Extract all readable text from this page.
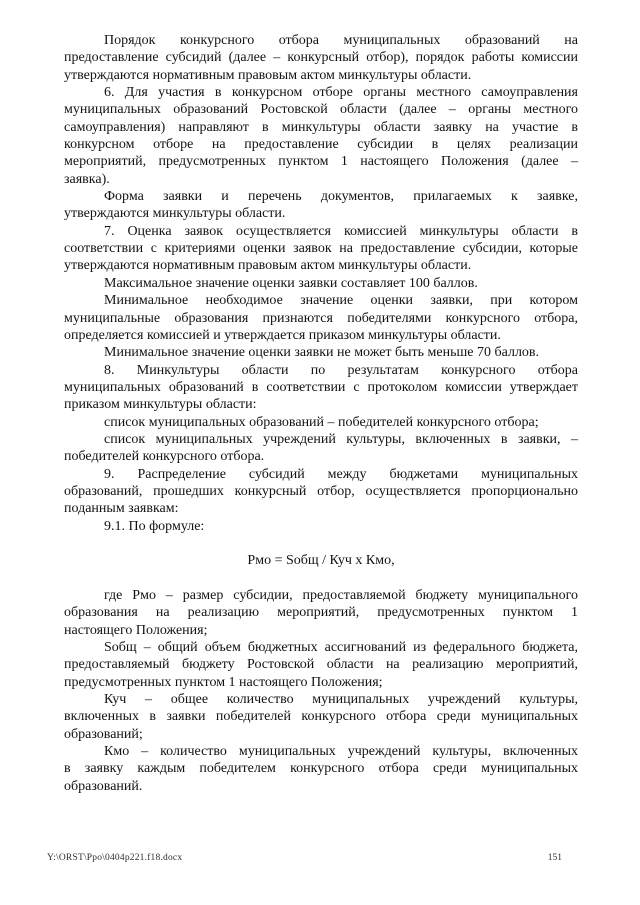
Порядок конкурсного отбора муниципальных образований на
предоставление субсидий (далее – конкурсный отбор), порядок работы комиссии
утверждаются нормативным правовым актом минкультуры области.
6. Для участия в конкурсном отборе органы местного самоуправления
муниципальных образований Ростовской области (далее – органы местного
самоуправления) направляют в минкультуры области заявку на участие в
конкурсном отборе на предоставление субсидии в целях реализации
мероприятий, предусмотренных пунктом 1 настоящего Положения (далее –
заявка).
Форма заявки и перечень документов, прилагаемых к заявке,
утверждаются минкультуры области.
7. Оценка заявок осуществляется комиссией минкультуры области в
соответствии с критериями оценки заявок на предоставление субсидии, которые
утверждаются нормативным правовым актом минкультуры области.
Максимальное значение оценки заявки составляет 100 баллов.
Минимальное необходимое значение оценки заявки, при котором
муниципальные образования признаются победителями конкурсного отбора,
определяется комиссией и утверждается приказом минкультуры области.
Минимальное значение оценки заявки не может быть меньше 70 баллов.
8. Минкультуры области по результатам конкурсного отбора
муниципальных образований в соответствии с протоколом комиссии утверждает
приказом минкультуры области:
список муниципальных образований – победителей конкурсного отбора;
список муниципальных учреждений культуры, включенных в заявки, –
победителей конкурсного отбора.
9. Распределение субсидий между бюджетами муниципальных
образований, прошедших конкурсный отбор, осуществляется пропорционально
поданным заявкам:
9.1. По формуле:
Рмо = Sобщ / Куч х Кмо,
где Рмо – размер субсидии, предоставляемой бюджету муниципального
образования на реализацию мероприятий, предусмотренных пунктом 1
настоящего Положения;
Sобщ – общий объем бюджетных ассигнований из федерального бюджета,
предоставляемый бюджету Ростовской области на реализацию мероприятий,
предусмотренных пунктом 1 настоящего Положения;
Куч – общее количество муниципальных учреждений культуры,
включенных в заявки победителей конкурсного отбора среди муниципальных
образований;
Кмо – количество муниципальных учреждений культуры, включенных
в заявку каждым победителем конкурсного отбора среди муниципальных
образований.
Y:\ORST\Ppo\0404p221.f18.docx	151
